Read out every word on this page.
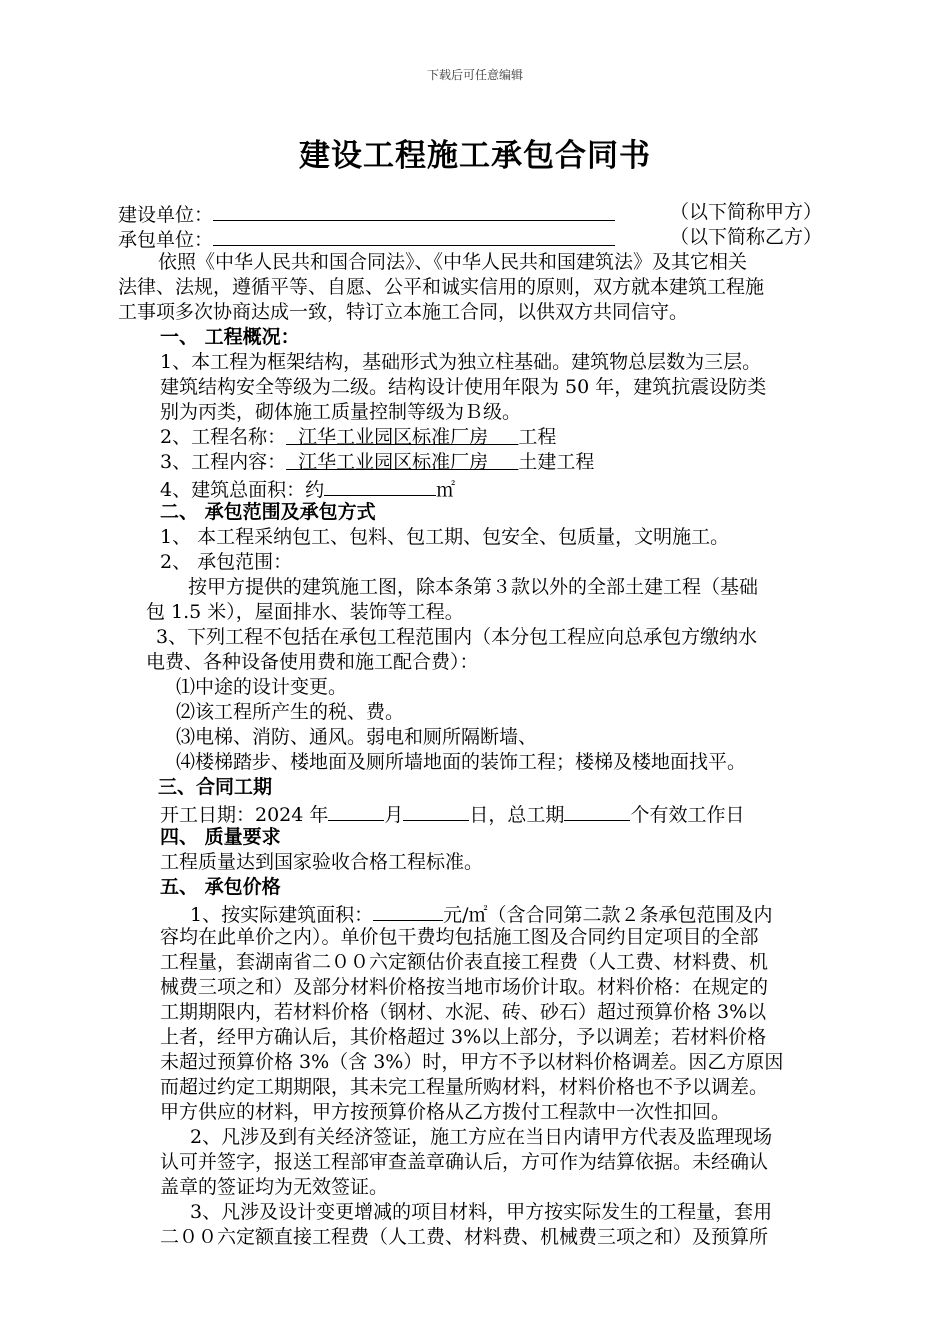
下载后可任意编辑
建设工程施工承包合同书
建设单位：	（以下简称甲方）
承包单位：	（以下简称乙方）
依照《中华人民共和国合同法》、《中华人民共和国建筑法》及其它相关
法律、法规，遵循平等、自愿、公平和诚实信用的原则，双方就本建筑工程施
工事项多次协商达成一致，特订立本施工合同，以供双方共同信守。
一、 工程概况：
1、本工程为框架结构，基础形式为独立柱基础。建筑物总层数为三层。
建筑结构安全等级为二级。结构设计使用年限为 50 年，建筑抗震设防类
别为丙类，砌体施工质量控制等级为Ｂ级。
2、工程名称：  江华工业园区标准厂房     工程
3、工程内容：  江华工业园区标准厂房     土建工程
4、建筑总面积：约	㎡
二、 承包范围及承包方式
1、 本工程采纳包工、包料、包工期、包安全、包质量，文明施工。
2、 承包范围：
按甲方提供的建筑施工图，除本条第３款以外的全部土建工程（基础
包 1.5 米），屋面排水、装饰等工程。
3、下列工程不包括在承包工程范围内（本分包工程应向总承包方缴纳水
电费、各种设备使用费和施工配合费）：
⑴中途的设计变更。
⑵该工程所产生的税、费。
⑶电梯、消防、通风。弱电和厕所隔断墙、
⑷楼梯踏步、楼地面及厕所墙地面的装饰工程；楼梯及楼地面找平。
三、合同工期
开工日期：2024 年	月	日，总工期	个有效工作日
四、 质量要求
工程质量达到国家验收合格工程标准。
五、 承包价格
1、按实际建筑面积：	元/㎡（含合同第二款２条承包范围及内
容均在此单价之内）。单价包干费均包括施工图及合同约目定项目的全部
工程量，套湖南省二００六定额估价表直接工程费（人工费、材料费、机
械费三项之和）及部分材料价格按当地市场价计取。材料价格：在规定的
工期期限内，若材料价格（钢材、水泥、砖、砂石）超过预算价格 3%以
上者，经甲方确认后，其价格超过 3%以上部分，予以调差；若材料价格
未超过预算价格 3%（含 3%）时，甲方不予以材料价格调差。因乙方原因
而超过约定工期期限，其未完工程量所购材料，材料价格也不予以调差。
甲方供应的材料，甲方按预算价格从乙方拨付工程款中一次性扣回。
2、凡涉及到有关经济签证，施工方应在当日内请甲方代表及监理现场
认可并签字，报送工程部审查盖章确认后，方可作为结算依据。未经确认
盖章的签证均为无效签证。
3、凡涉及设计变更增减的项目材料，甲方按实际发生的工程量，套用
二００六定额直接工程费（人工费、材料费、机械费三项之和）及预算所
